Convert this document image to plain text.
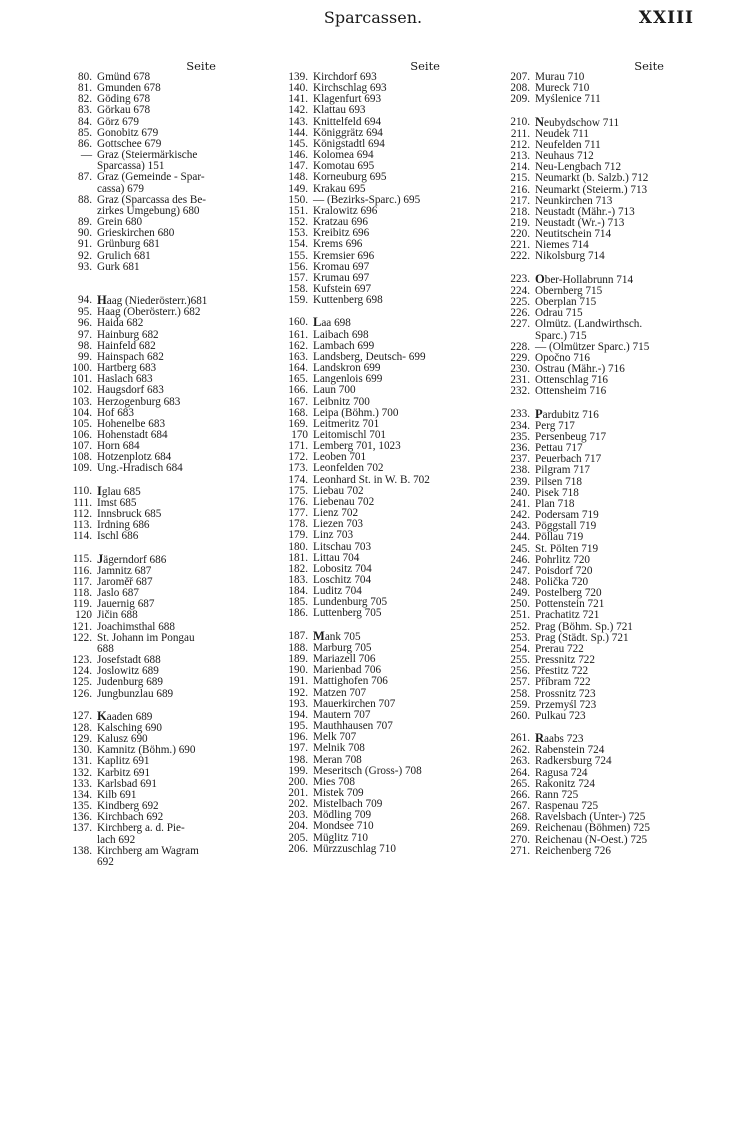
Sparcassen.	XXIII
Seite
80. Gmünd 678
81. Gmunden 678
82. Göding 678
83. Görkau 678
84. Görz 679
85. Gonobitz 679
86. Gottschee 679
— Graz (Steiermärkische
Sparcassa) 151
87. Graz (Gemeinde - Spar-
cassa) 679
88. Graz (Sparcassa des Be-
zirkes Umgebung) 680
89. Grein 680
90. Grieskirchen 680
91. Grünburg 681
92. Grulich 681
93. Gurk 681
94. Haag (Niederösterr.)681
95. Haag (Oberösterr.) 682
96. Haida 682
97. Hainburg 682
98. Hainfeld 682
99. Hainspach 682
100. Hartberg 683
101. Haslach 683
102. Haugsdorf 683
103. Herzogenburg 683
104. Hof 683
105. Hohenelbe 683
106. Hohenstadt 684
107. Horn 684
108. Hotzenplotz 684
109. Ung.-Hradisch 684
110. Iglau 685
111. Imst 685
112. Innsbruck 685
113. Irdning 686
114. Ischl 686
115. Jägerndorf 686
116. Jamnitz 687
117. Jaroměř 687
118. Jaslo 687
119. Jauernig 687
120 Jičin 688
121. Joachimsthal 688
122. St. Johann im Pongau
688
123. Josefstadt 688
124. Joslowitz 689
125. Judenburg 689
126. Jungbunzlau 689
127. Kaaden 689
128. Kalsching 690
129. Kalusz 690
130. Kamnitz (Böhm.) 690
131. Kaplitz 691
132. Karbitz 691
133. Karlsbad 691
134. Kilb 691
135. Kindberg 692
136. Kirchbach 692
137. Kirchberg a. d. Pie-
lach 692
138. Kirchberg am Wagram
692
Seite
139. Kirchdorf 693
140. Kirchschlag 693
141. Klagenfurt 693
142. Klattau 693
143. Knittelfeld 694
144. Königgrätz 694
145. Königstadtl 694
146. Kolomea 694
147. Komotau 695
148. Korneuburg 695
149. Krakau 695
150. — (Bezirks-Sparc.) 695
151. Kralowitz 696
152. Kratzau 696
153. Kreibitz 696
154. Krems 696
155. Kremsier 696
156. Kromau 697
157. Krumau 697
158. Kufstein 697
159. Kuttenberg 698
160. Laa 698
161. Laibach 698
162. Lambach 699
163. Landsberg, Deutsch- 699
164. Landskron 699
165. Langenlois 699
166. Laun 700
167. Leibnitz 700
168. Leipa (Böhm.) 700
169. Leitmeritz 701
170 Leitomischl 701
171. Lemberg 701, 1023
172. Leoben 701
173. Leonfelden 702
174. Leonhard St. in W. B. 702
175. Liebau 702
176. Liebenau 702
177. Lienz 702
178. Liezen 703
179. Linz 703
180. Litschau 703
181. Littau 704
182. Lobositz 704
183. Loschitz 704
184. Luditz 704
185. Lundenburg 705
186. Luttenberg 705
187. Mank 705
188. Marburg 705
189. Mariazell 706
190. Marienbad 706
191. Mattighofen 706
192. Matzen 707
193. Mauerkirchen 707
194. Mautern 707
195. Mauthhausen 707
196. Melk 707
197. Melnik 708
198. Meran 708
199. Meseritsch (Gross-) 708
200. Mies 708
201. Mistek 709
202. Mistelbach 709
203. Mödling 709
204. Mondsee 710
205. Müglitz 710
206. Mürzzuschlag 710
Seite
207. Murau 710
208. Mureck 710
209. Myślenice 711
210. Neubydschow 711
211. Neudek 711
212. Neufelden 711
213. Neuhaus 712
214. Neu-Lengbach 712
215. Neumarkt (b. Salzb.) 712
216. Neumarkt (Steierm.) 713
217. Neunkirchen 713
218. Neustadt (Mähr.-) 713
219. Neustadt (Wr.-) 713
220. Neutitschein 714
221. Niemes 714
222. Nikolsburg 714
223. Ober-Hollabrunn 714
224. Obernberg 715
225. Oberplan 715
226. Odrau 715
227. Olmütz. (Landwirthsch.
Sparc.) 715
228. — (Olmützer Sparc.) 715
229. Opočno 716
230. Ostrau (Mähr.-) 716
231. Ottenschlag 716
232. Ottensheim 716
233. Pardubitz 716
234. Perg 717
235. Persenbeug 717
236. Pettau 717
237. Peuerbach 717
238. Pilgram 717
239. Pilsen 718
240. Pisek 718
241. Plan 718
242. Podersam 719
243. Pöggstall 719
244. Pöllau 719
245. St. Pölten 719
246. Pohrlitz 720
247. Poisdorf 720
248. Polička 720
249. Postelberg 720
250. Pottenstein 721
251. Prachatitz 721
252. Prag (Böhm. Sp.) 721
253. Prag (Städt. Sp.) 721
254. Prerau 722
255. Pressnitz 722
256. Přestitz 722
257. Příbram 722
258. Prossnitz 723
259. Przemyśl 723
260. Pulkau 723
261. Raabs 723
262. Rabenstein 724
263. Radkersburg 724
264. Ragusa 724
265. Rakonitz 724
266. Rann 725
267. Raspenau 725
268. Ravelsbach (Unter-) 725
269. Reichenau (Böhmen) 725
270. Reichenau (N-Oest.) 725
271. Reichenberg 726
